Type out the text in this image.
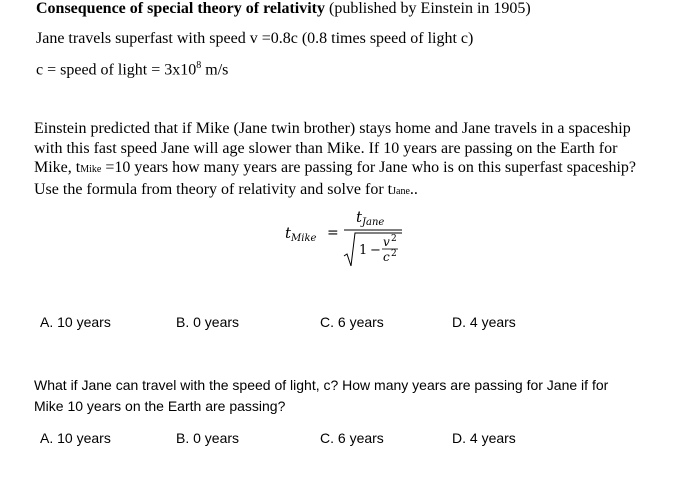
Consequence of special theory of relativity (published by Einstein in 1905)
Jane travels superfast with speed v =0.8c (0.8 times speed of light c)
c = speed of light = $3x10^8$ m/s

Einstein predicted that if Mike (Jane twin brother) stays home and Jane travels in a spaceship

with this fast speed Jane will age slower than Mike. If 10 years are passing on the Earth for

Mike, tMike =10 years how many years are passing for Jane who is on this superfast spaceship?

Use the formula from theory of relativity and solve for tJane..

t Mike =
t Jane
1 −
v 2
c 2
A. 10 years	B. 0 years	C. 6 years	D. 4 years

What if Jane can travel with the speed of light, c? How many years are passing for Jane if for

Mike 10 years on the Earth are passing?

A. 10 years	B. 0 years	C. 6 years	D. 4 years
